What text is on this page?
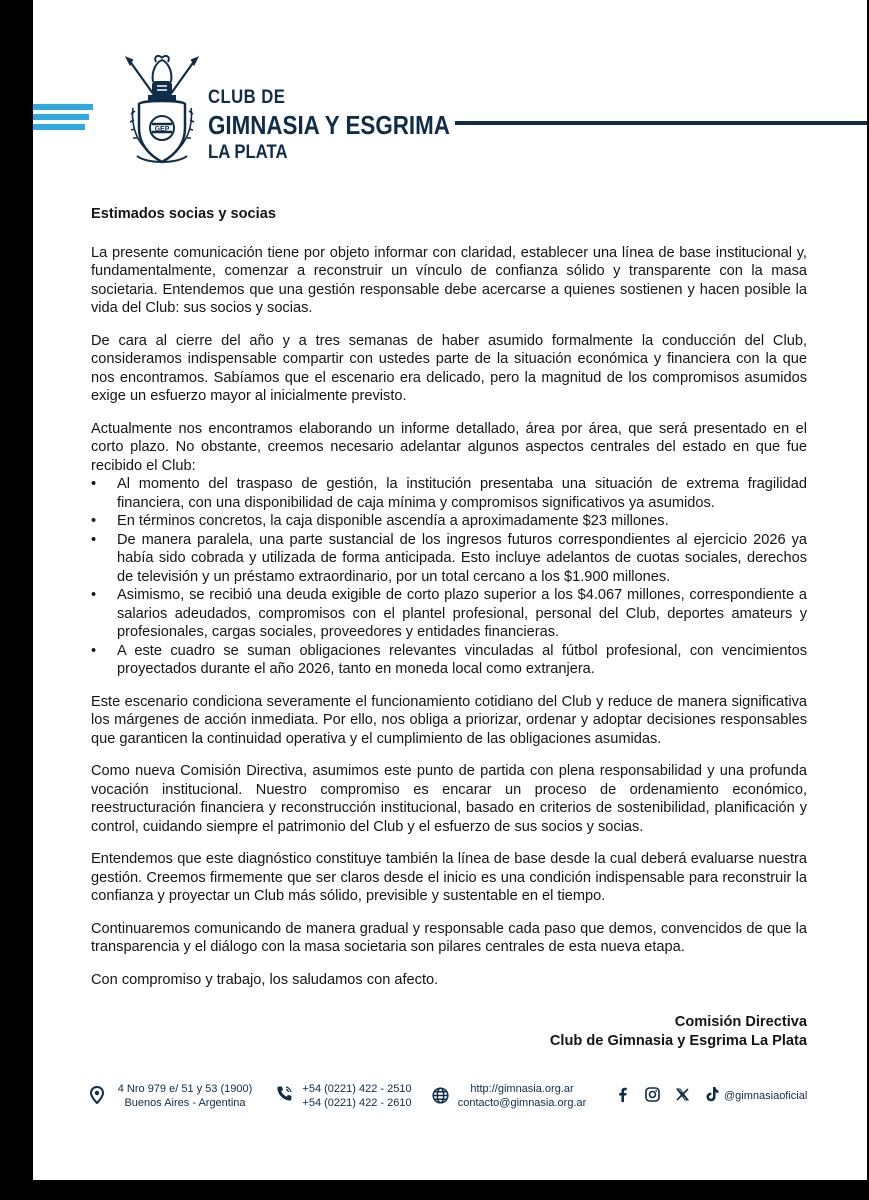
GEP
CLUB DE
GIMNASIA Y ESGRIMA
LA PLATA
Estimados socias y socias

La presente comunicación tiene por objeto informar con claridad, establecer una línea de base institucional y, fundamentalmente, comenzar a reconstruir un vínculo de confianza sólido y transparente con la masa societaria. Entendemos que una gestión responsable debe acercarse a quienes sostienen y hacen posible la vida del Club: sus socios y socias.

De cara al cierre del año y a tres semanas de haber asumido formalmente la conducción del Club, consideramos indispensable compartir con ustedes parte de la situación económica y financiera con la que nos encontramos. Sabíamos que el escenario era delicado, pero la magnitud de los compromisos asumidos exige un esfuerzo mayor al inicialmente previsto.

Actualmente nos encontramos elaborando un informe detallado, área por área, que será presentado en el corto plazo. No obstante, creemos necesario adelantar algunos aspectos centrales del estado en que fue recibido el Club:

• Al momento del traspaso de gestión, la institución presentaba una situación de extrema fragilidad financiera, con una disponibilidad de caja mínima y compromisos significativos ya asumidos.
• En términos concretos, la caja disponible ascendía a aproximadamente $23 millones.
• De manera paralela, una parte sustancial de los ingresos futuros correspondientes al ejercicio 2026 ya había sido cobrada y utilizada de forma anticipada. Esto incluye adelantos de cuotas sociales, derechos de televisión y un préstamo extraordinario, por un total cercano a los $1.900 millones.
• Asimismo, se recibió una deuda exigible de corto plazo superior a los $4.067 millones, correspondiente a salarios adeudados, compromisos con el plantel profesional, personal del Club, deportes amateurs y profesionales, cargas sociales, proveedores y entidades financieras.
• A este cuadro se suman obligaciones relevantes vinculadas al fútbol profesional, con vencimientos proyectados durante el año 2026, tanto en moneda local como extranjera.

Este escenario condiciona severamente el funcionamiento cotidiano del Club y reduce de manera significativa los márgenes de acción inmediata. Por ello, nos obliga a priorizar, ordenar y adoptar decisiones responsables que garanticen la continuidad operativa y el cumplimiento de las obligaciones asumidas.

Como nueva Comisión Directiva, asumimos este punto de partida con plena responsabilidad y una profunda vocación institucional. Nuestro compromiso es encarar un proceso de ordenamiento económico, reestructuración financiera y reconstrucción institucional, basado en criterios de sostenibilidad, planificación y control, cuidando siempre el patrimonio del Club y el esfuerzo de sus socios y socias.

Entendemos que este diagnóstico constituye también la línea de base desde la cual deberá evaluarse nuestra gestión. Creemos firmemente que ser claros desde el inicio es una condición indispensable para reconstruir la confianza y proyectar un Club más sólido, previsible y sustentable en el tiempo.

Continuaremos comunicando de manera gradual y responsable cada paso que demos, convencidos de que la transparencia y el diálogo con la masa societaria son pilares centrales de esta nueva etapa.

Con compromiso y trabajo, los saludamos con afecto.

Comisión Directiva
Club de Gimnasia y Esgrima La Plata
4 Nro 979 e/ 51 y 53 (1900)
Buenos Aires - Argentina
+54 (0221) 422 - 2510
+54 (0221) 422 - 2610
http://gimnasia.org.ar
contacto@gimnasia.org.ar
@gimnasiaoficial
